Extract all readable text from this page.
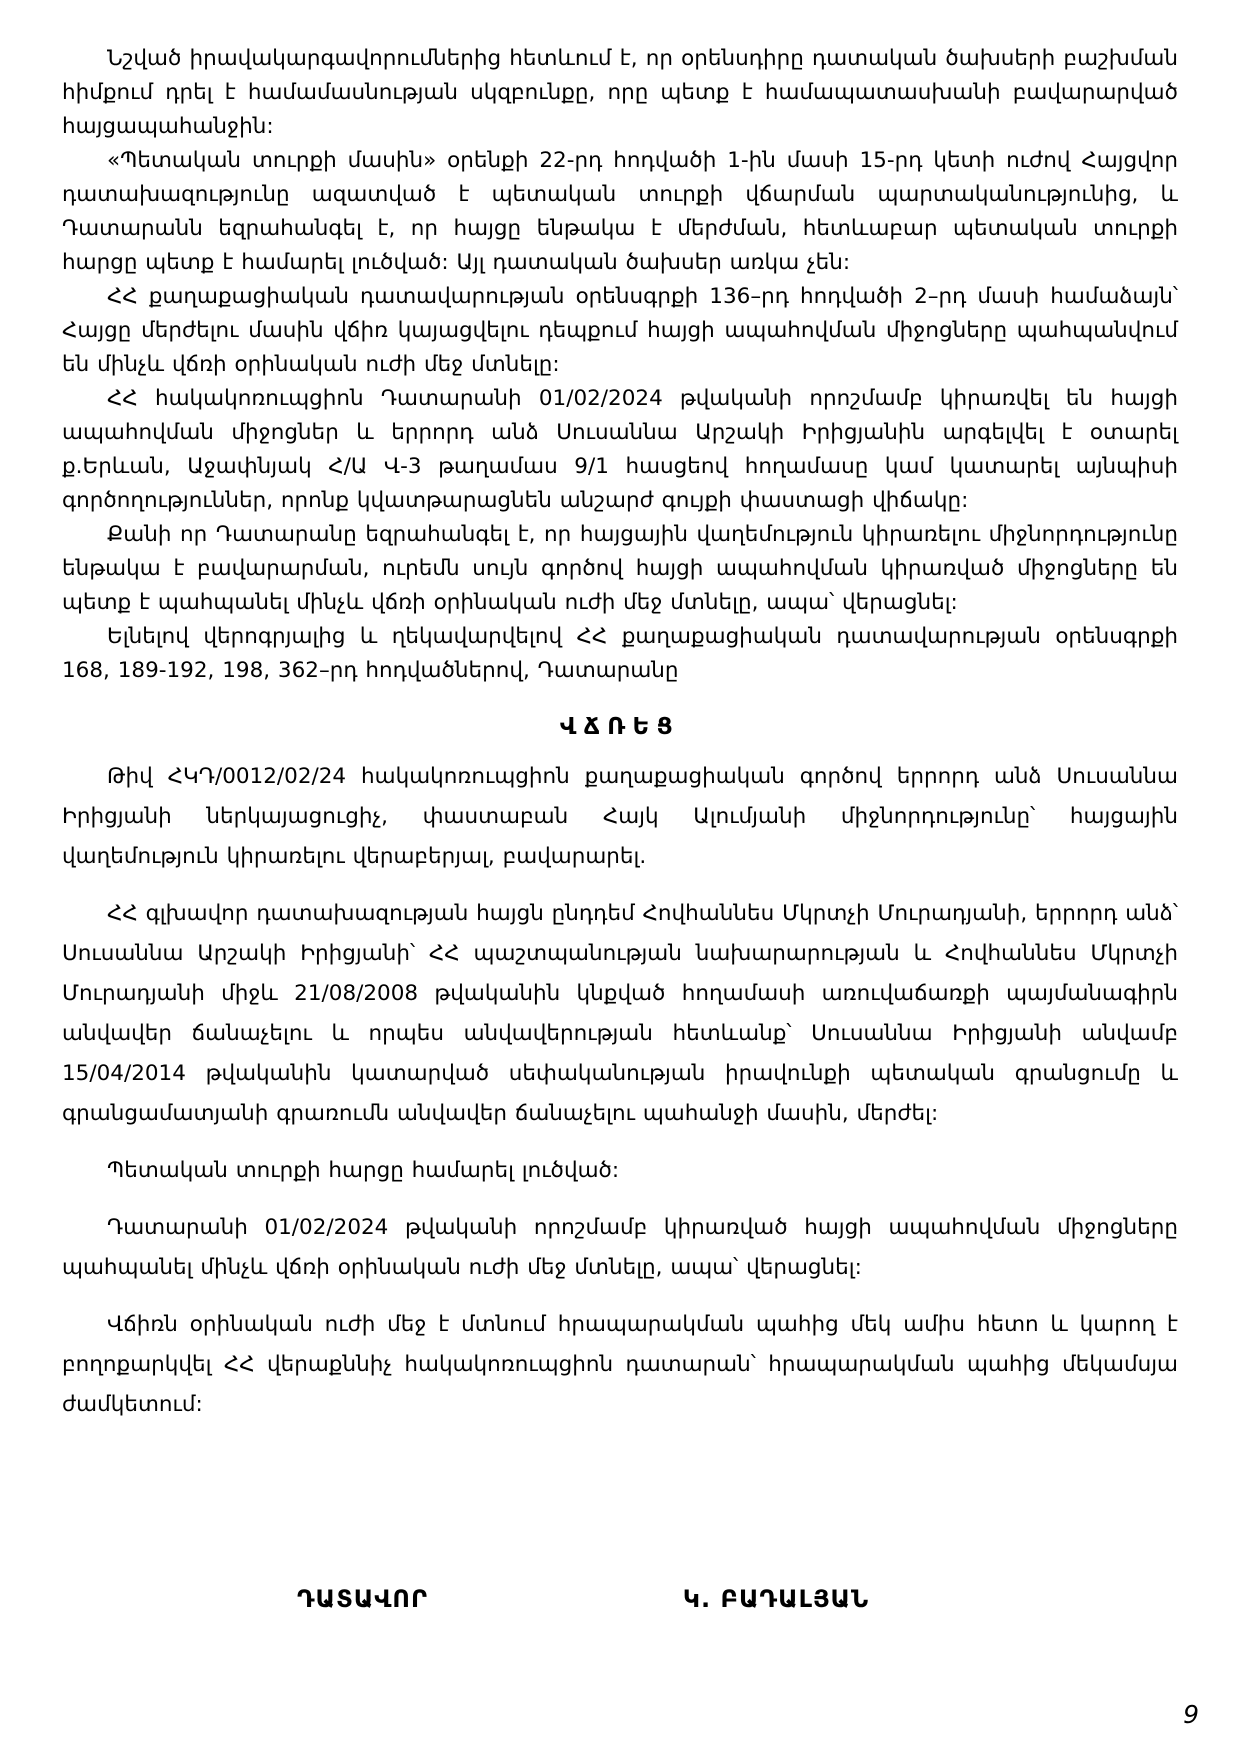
Նշված իրավակարգավորումներից հետևում է, որ օրենսդիրը դատական ծախսերի բաշխման հիմքում դրել է համամասնության սկզբունքը, որը պետք է համապատասխանի բավարարված հայցապահանջին:

«Պետական տուրքի մասին» օրենքի 22-րդ հոդվածի 1-ին մասի 15-րդ կետի ուժով Հայցվոր դատախազությունը ազատված է պետական տուրքի վճարման պարտականությունից, և Դատարանն եզրահանգել է, որ հայցը ենթակա է մերժման, հետևաբար պետական տուրքի հարցը պետք է համարել լուծված: Այլ դատական ծախսեր առկա չեն:

ՀՀ քաղաքացիական դատավարության օրենսգրքի 136–րդ հոդվածի 2–րդ մասի համաձայն՝ Հայցը մերժելու մասին վճիռ կայացվելու դեպքում հայցի ապահովման միջոցները պահպանվում են մինչև վճռի օրինական ուժի մեջ մտնելը:

ՀՀ հակակոռուպցիոն Դատարանի 01/02/2024 թվականի որոշմամբ կիրառվել են հայցի ապահովման միջոցներ և երրորդ անձ Սուսաննա Արշակի Իրիցյանին արգելվել է օտարել ք.Երևան, Աջափնյակ Հ/Ա Վ-3 թաղամաս 9/1 հասցեով հողամասը կամ կատարել այնպիսի գործողություններ, որոնք կվատթարացնեն անշարժ գույքի փաստացի վիճակը:

Քանի որ Դատարանը եզրահանգել է, որ հայցային վաղեմություն կիրառելու միջնորդությունը ենթակա է բավարարման, ուրեմն սույն գործով հայցի ապահովման կիրառված միջոցները են պետք է պահպանել մինչև վճռի օրինական ուժի մեջ մտնելը, ապա՝ վերացնել:

Ելնելով վերոգրյալից և ղեկավարվելով ՀՀ քաղաքացիական դատավարության օրենսգրքի 168, 189-192, 198, 362–րդ հոդվածներով, Դատարանը

ՎՃՌԵՑ

Թիվ ՀԿԴ/0012/02/24 հակակոռուպցիոն քաղաքացիական գործով երրորդ անձ Սուսաննա Իրիցյանի ներկայացուցիչ, փաստաբան Հայկ Ալումյանի միջնորդությունը՝ հայցային վաղեմություն կիրառելու վերաբերյալ, բավարարել.

ՀՀ գլխավոր դատախազության հայցն ընդդեմ Հովհաննես Մկրտչի Մուրադյանի, երրորդ անձ՝ Սուսաննա Արշակի Իրիցյանի՝ ՀՀ պաշտպանության նախարարության և Հովհաննես Մկրտչի Մուրադյանի միջև 21/08/2008 թվականին կնքված հողամասի առուվաճառքի պայմանագիրն անվավեր ճանաչելու և որպես անվավերության հետևանք՝ Սուսաննա Իրիցյանի անվամբ 15/04/2014 թվականին կատարված սեփականության իրավունքի պետական գրանցումը և գրանցամատյանի գրառումն անվավեր ճանաչելու պահանջի մասին, մերժել:

Պետական տուրքի հարցը համարել լուծված:

Դատարանի 01/02/2024 թվականի որոշմամբ կիրառված հայցի ապահովման միջոցները պահպանել մինչև վճռի օրինական ուժի մեջ մտնելը, ապա՝ վերացնել:

Վճիռն օրինական ուժի մեջ է մտնում հրապարակման պահից մեկ ամիս հետո և կարող է բողոքարկվել ՀՀ վերաքննիչ հակակոռուպցիոն դատարան՝ հրապարակման պահից մեկամսյա ժամկետում:

ԴԱՏԱՎՈՐ	Կ. ԲԱԴԱԼՅԱՆ
9
